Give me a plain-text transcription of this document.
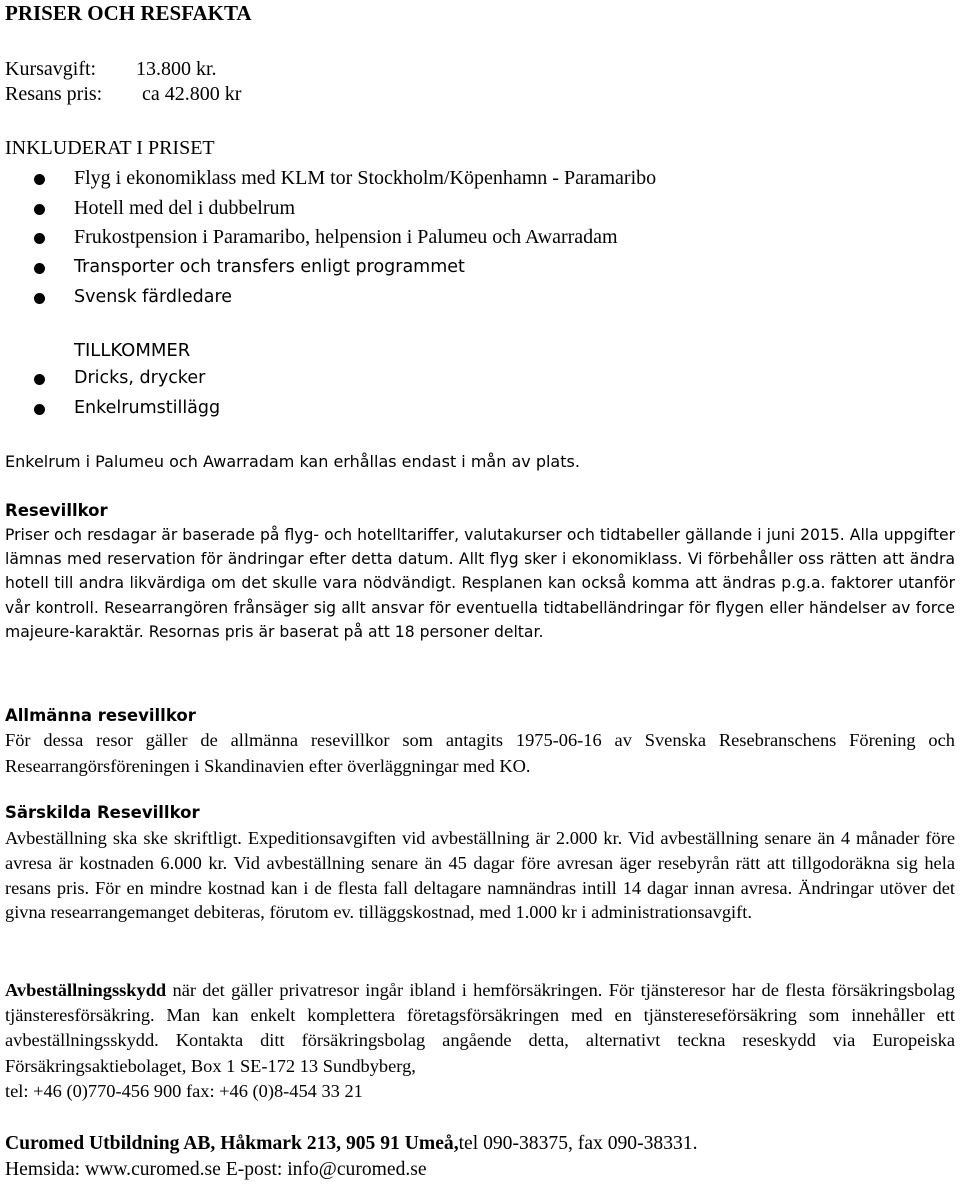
PRISER OCH RESFAKTA
Kursavgift:	13.800 kr.
Resans pris:	ca 42.800 kr
INKLUDERAT I PRISET
Flyg i ekonomiklass med KLM tor Stockholm/Köpenhamn - Paramaribo
Hotell med del i dubbelrum
Frukostpension i Paramaribo, helpension i Palumeu och Awarradam
Transporter och transfers enligt programmet
Svensk färdledare
TILLKOMMER
Dricks, drycker
Enkelrumstillägg
Enkelrum i Palumeu och Awarradam kan erhållas endast i mån av plats.
Resevillkor
Priser och resdagar är baserade på flyg- och hotelltariffer, valutakurser och tidtabeller gällande i juni 2015. Alla uppgifter lämnas med reservation för ändringar efter detta datum. Allt flyg sker i ekonomiklass. Vi förbehåller oss rätten att ändra hotell till andra likvärdiga om det skulle vara nödvändigt. Resplanen kan också komma att ändras p.g.a. faktorer utanför vår kontroll. Researrangören frånsäger sig allt ansvar för eventuella tidtabelländringar för flygen eller händelser av force majeure-karaktär. Resornas pris är baserat på att 18 personer deltar.
Allmänna resevillkor
För dessa resor gäller de allmänna resevillkor som antagits 1975-06-16 av Svenska Resebranschens Förening och Researrangörsföreningen i Skandinavien efter överläggningar med KO.
Särskilda Resevillkor
Avbeställning ska ske skriftligt. Expeditionsavgiften vid avbeställning är 2.000 kr. Vid avbeställning senare än 4 månader före avresa är kostnaden 6.000 kr. Vid avbeställning senare än 45 dagar före avresan äger resebyrån rätt att tillgodoräkna sig hela resans pris. För en mindre kostnad kan i de flesta fall deltagare namnändras intill 14 dagar innan avresa. Ändringar utöver det givna researrangemanget debiteras, förutom ev. tilläggskostnad, med 1.000 kr i administrationsavgift.
Avbeställningsskydd när det gäller privatresor ingår ibland i hemförsäkringen. För tjänsteresor har de flesta försäkringsbolag tjänsteresförsäkring. Man kan enkelt komplettera företagsförsäkringen med en tjänstereseförsäkring som innehåller ett avbeställningsskydd. Kontakta ditt försäkringsbolag angående detta, alternativt teckna reseskydd via Europeiska Försäkringsaktiebolaget, Box 1 SE-172 13 Sundbyberg,
tel: +46 (0)770-456 900 fax: +46 (0)8-454 33 21
Curomed Utbildning AB, Håkmark 213, 905 91 Umeå,tel 090-38375, fax 090-38331.
Hemsida: www.curomed.se E-post: info@curomed.se
